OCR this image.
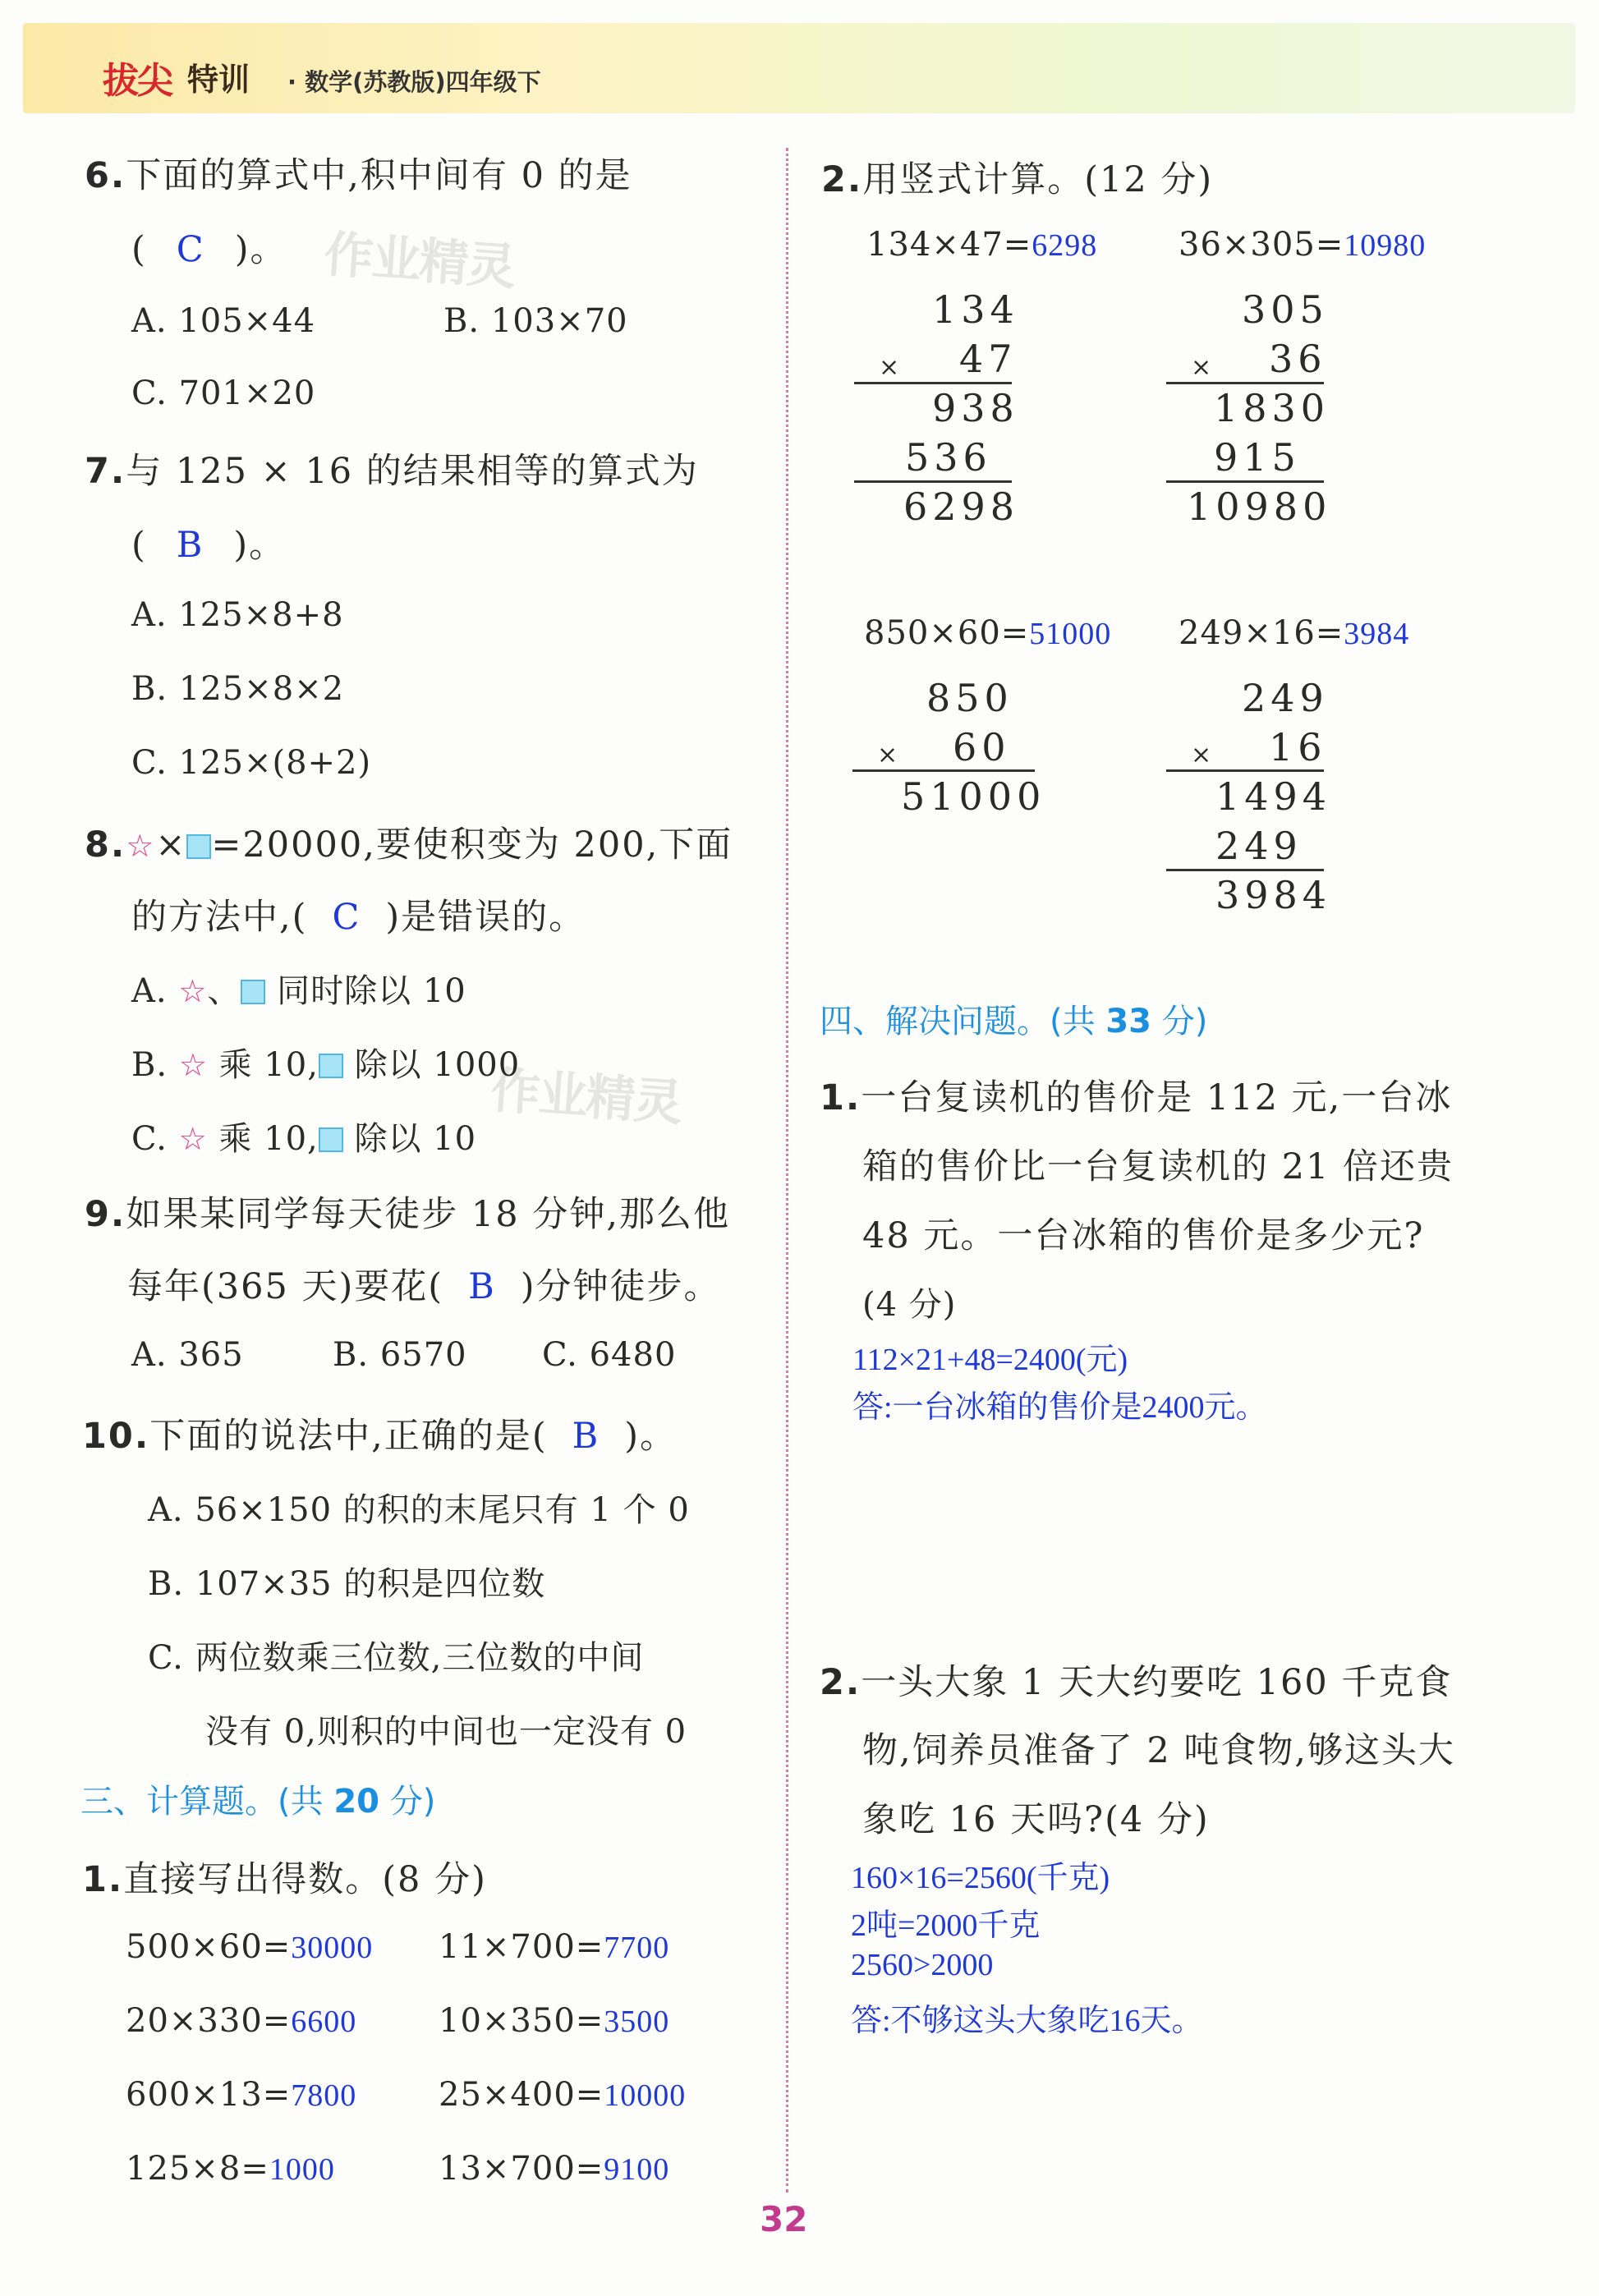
拔尖 特训 · 数学(苏教版)四年级下
作业精灵
作业精灵
6.下面的算式中,积中间有 0 的是
( C )。
A. 105×44	B. 103×70
C. 701×20
7.与 125 × 16 的结果相等的算式为
( B )。
A. 125×8+8
B. 125×8×2
C. 125×(8+2)
8.☆× =20000,要使积变为 200,下面
的方法中,( C )是错误的。
A. ☆、 同时除以 10
B. ☆ 乘 10, 除以 1000
C. ☆ 乘 10, 除以 10
9.如果某同学每天徒步 18 分钟,那么他
每年(365 天)要花( B )分钟徒步。
A. 365	B. 6570 C. 6480
10.下面的说法中,正确的是( B )。
A. 56×150 的积的末尾只有 1 个 0
B. 107×35 的积是四位数
C. 两位数乘三位数,三位数的中间
没有 0,则积的中间也一定没有 0
三、计算题。(共 20 分)
1.直接写出得数。(8 分)
500×60=30000 11×700=7700
20×330=6600 10×350=3500
600×13=7800 25×400=10000
125×8=1000	13×700=9100
2.用竖式计算。(12 分)
134×47=6298
134
× 47
938
536
6298
36×305=10980
305
× 36
1830
915
10980
850×60=51000
850
× 60
51000
249×16=3984
249
× 16
1494
249
3984
四、解决问题。(共 33 分)
1.一台复读机的售价是 112 元,一台冰
箱的售价比一台复读机的 21 倍还贵
48 元。一台冰箱的售价是多少元?
(4 分)
112×21+48=2400(元)
答:一台冰箱的售价是2400元。
2.一头大象 1 天大约要吃 160 千克食
物,饲养员准备了 2 吨食物,够这头大
象吃 16 天吗?(4 分)
160×16=2560(千克)
2吨=2000千克
2560>2000
答:不够这头大象吃16天。
32
